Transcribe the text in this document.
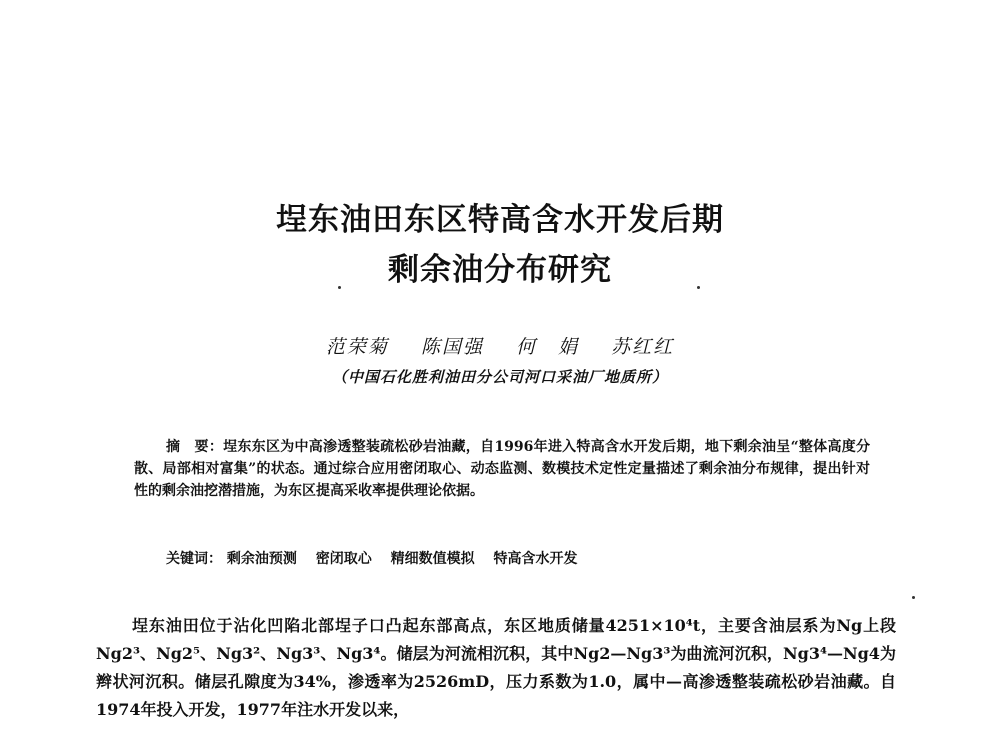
埕东油田东区特高含水开发后期
剩余油分布研究
范荣菊 陈国强 何　娟 苏红红
（中国石化胜利油田分公司河口采油厂地质所）
摘　要：埕东东区为中高渗透整装疏松砂岩油藏，自1996年进入特高含水开发后期，地下剩余油呈“整体高度分散、局部相对富集”的状态。通过综合应用密闭取心、动态监测、数模技术定性定量描述了剩余油分布规律，提出针对性的剩余油挖潜措施，为东区提高采收率提供理论依据。
关键词： 剩余油预测 密闭取心 精细数值模拟 特高含水开发
埕东油田位于沾化凹陷北部埕子口凸起东部高点，东区地质储量4251×10⁴t，主要含油层系为Ng上段Ng2³、Ng2⁵、Ng3²、Ng3³、Ng3⁴。储层为河流相沉积，其中Ng2—Ng3³为曲流河沉积，Ng3⁴—Ng4为辫状河沉积。储层孔隙度为34%，渗透率为2526mD，压力系数为1.0，属中—高渗透整装疏松砂岩油藏。自1974年投入开发，1977年注水开发以来，
